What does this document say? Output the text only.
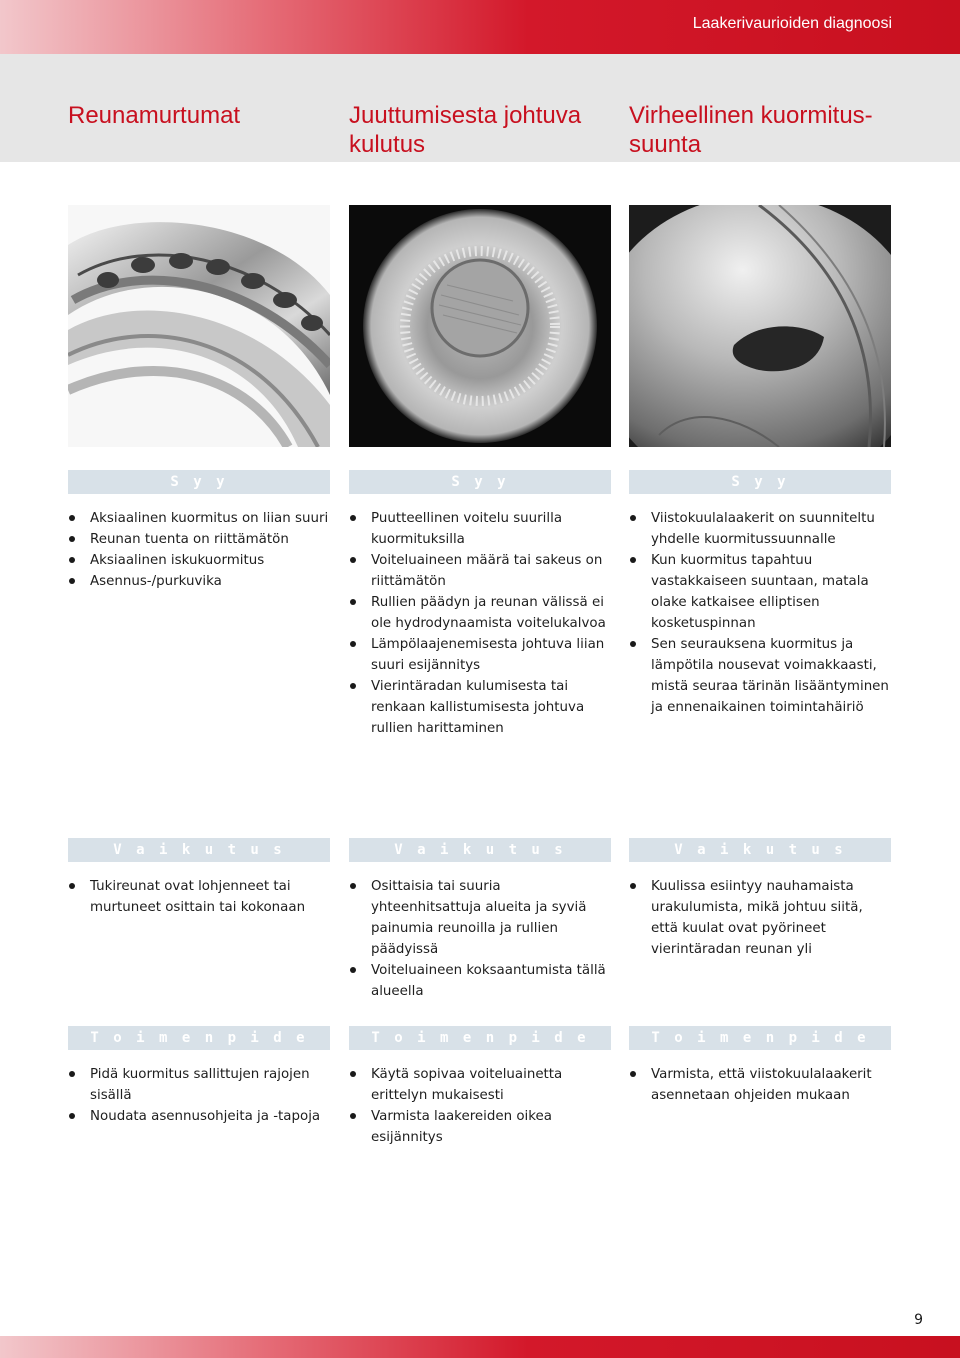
Laakerivaurioiden diagnoosi
Reunamurtumat	Juuttumisesta johtuva kulutus
Virheellinen kuormitus-suunta
S y y	S y y	S y y
Aksiaalinen kuormitus on liian suuri
Reunan tuenta on riittämätön
Aksiaalinen iskukuormitus
Asennus-/purkuvika
Puutteellinen voitelu suurilla kuormituksilla
Voiteluaineen määrä tai sakeus on riittämätön
Rullien päädyn ja reunan välissä ei ole hydrodynaamista voitelukalvoa
Lämpölaajenemisesta johtuva liian suuri esijännitys
Vierintäradan kulumisesta tai renkaan kallistumisesta johtuva rullien harittaminen
Viistokuulalaakerit on suunniteltu yhdelle kuormitussuunnalle
Kun kuormitus tapahtuu vastakkaiseen suuntaan, matala olake katkaisee elliptisen kosketuspinnan
Sen seurauksena kuormitus ja lämpötila nousevat voimakkaasti, mistä seuraa tärinän lisääntyminen ja ennenaikainen toimintahäiriö
V a i k u t u s	V a i k u t u s	V a i k u t u s
Tukireunat ovat lohjenneet tai murtuneet osittain tai kokonaan
Osittaisia tai suuria yhteenhitsattuja alueita ja syviä painumia reunoilla ja rullien päädyissä
Voiteluaineen koksaantumista tällä alueella
Kuulissa esiintyy nauhamaista urakulumista, mikä johtuu siitä, että kuulat ovat pyörineet vierintäradan reunan yli
T o i m e n p i d e	T o i m e n p i d e	T o i m e n p i d e
Pidä kuormitus sallittujen rajojen sisällä
Noudata asennusohjeita ja -tapoja
Käytä sopivaa voiteluainetta erittelyn mukaisesti
Varmista laakereiden oikea esijännitys
Varmista, että viistokuulalaakerit asennetaan ohjeiden mukaan
9
